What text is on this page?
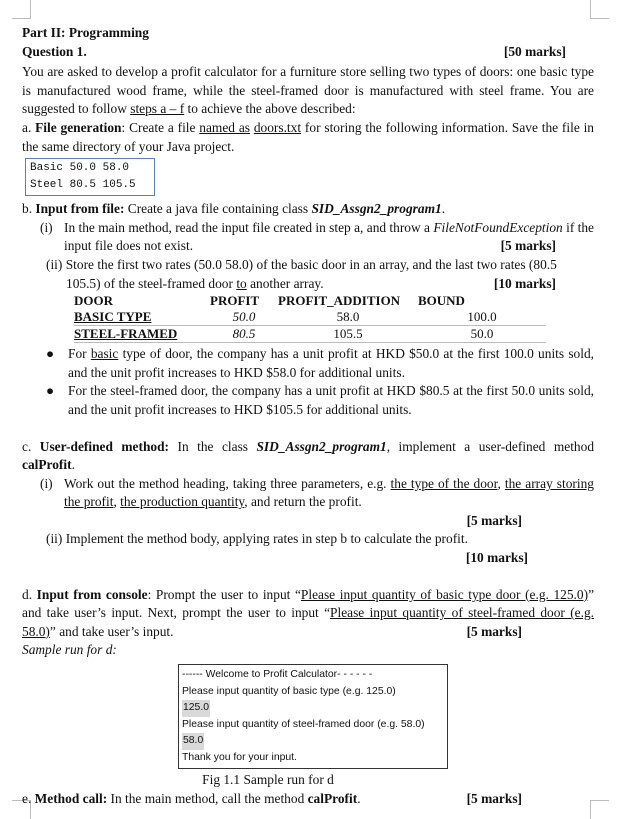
Part II: Programming

Question 1.	[50 marks]

You are asked to develop a profit calculator for a furniture store selling two types of doors: one basic type is manufactured wood frame, while the steel-framed door is manufactured with steel frame. You are suggested to follow steps a – f to achieve the above described:

a. File generation: Create a file named as doors.txt for storing the following information. Save the file in the same directory of your Java project.

Basic 50.0 58.0
Steel 80.5 105.5

b. Input from file: Create a java file containing class SID_Assgn2_program1.

(i) In the main method, read the input file created in step a, and throw a FileNotFoundException if the input file does not exist.	[5 marks]

(ii) Store the first two rates (50.0 58.0) of the basic door in an array, and the last two rates (80.5 105.5) of the steel-framed door to another array.	[10 marks]
DOOR	PROFIT	PROFIT_ADDITION	BOUND
BASIC TYPE	50.0	58.0	100.0
STEEL-FRAMED	80.5	105.5	50.0
● For basic type of door, the company has a unit profit at HKD $50.0 at the first 100.0 units sold, and the unit profit increases to HKD $58.0 for additional units.
● For the steel-framed door, the company has a unit profit at HKD $80.5 at the first 50.0 units sold, and the unit profit increases to HKD $105.5 for additional units.

c. User-defined method: In the class SID_Assgn2_program1, implement a user-defined method calProfit.

(i) Work out the method heading, taking three parameters, e.g. the type of the door, the array storing the profit, the production quantity, and return the profit.

[5 marks]

(ii) Implement the method body, applying rates in step b to calculate the profit.

[10 marks]

d. Input from console: Prompt the user to input “Please input quantity of basic type door (e.g. 125.0)” and take user’s input. Next, prompt the user to input “Please input quantity of steel-framed door (e.g. 58.0)” and take user’s input.	[5 marks]

Sample run for d:

------ Welcome to Profit Calculator- - - - - -
Please input quantity of basic type (e.g. 125.0)
125.0
Please input quantity of steel-framed door (e.g. 58.0)
58.0
Thank you for your input.

Fig 1.1 Sample run for d

e. Method call: In the main method, call the method calProfit.	[5 marks]
